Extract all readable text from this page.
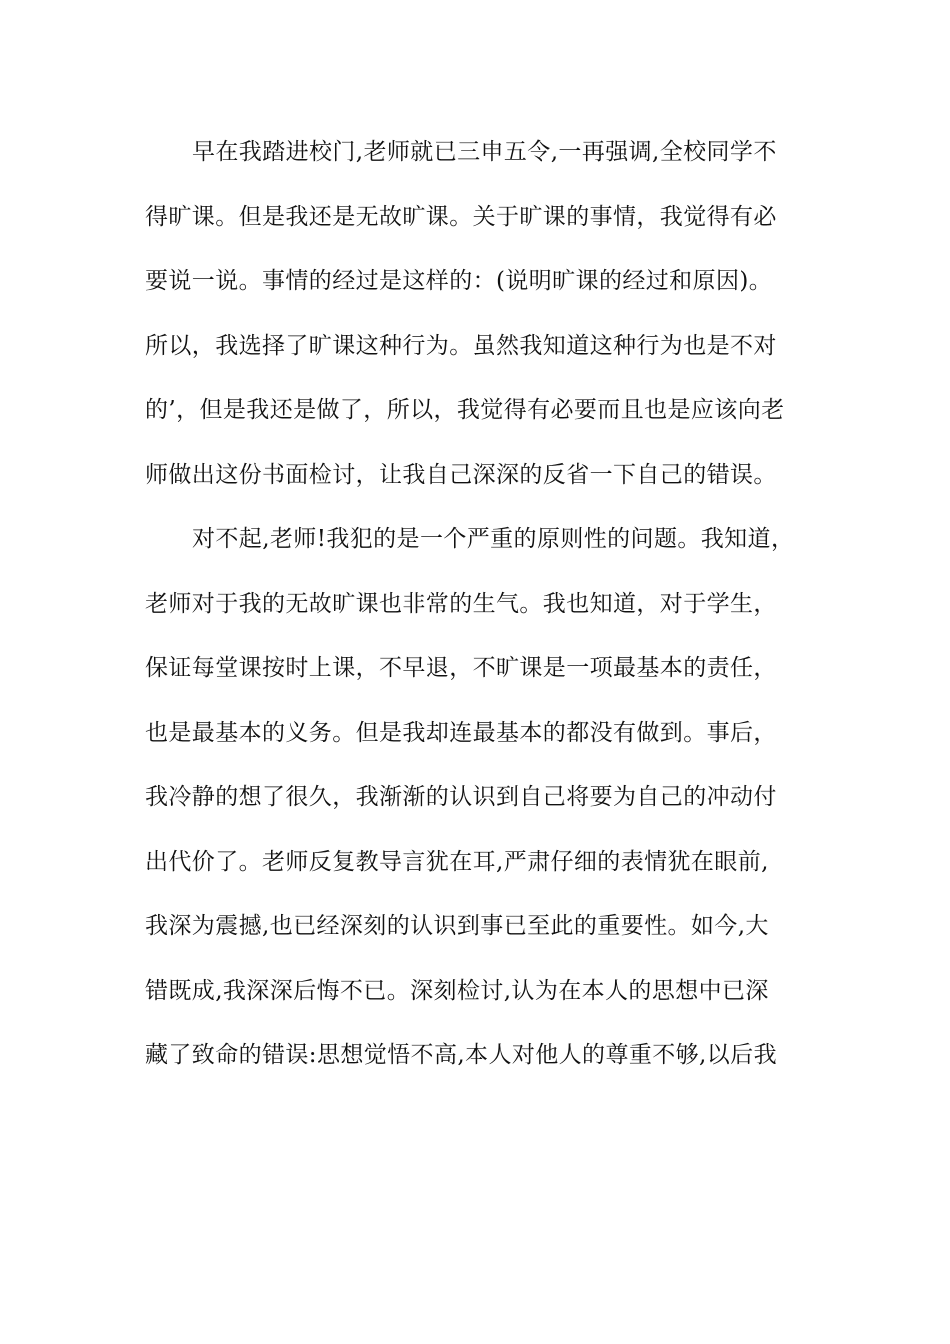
早在我踏进校门,老师就已三申五令,一再强调,全校同学不
得旷课。但是我还是无故旷课。关于旷课的事情，我觉得有必
要说一说。事情的经过是这样的：(说明旷课的经过和原因)。
所以，我选择了旷课这种行为。虽然我知道这种行为也是不对
的’，但是我还是做了，所以，我觉得有必要而且也是应该向老
师做出这份书面检讨，让我自己深深的反省一下自己的错误。
对不起,老师!我犯的是一个严重的原则性的问题。我知道，
老师对于我的无故旷课也非常的生气。我也知道，对于学生，
保证每堂课按时上课，不早退，不旷课是一项最基本的责任，
也是最基本的义务。但是我却连最基本的都没有做到。事后，
我冷静的想了很久，我渐渐的认识到自己将要为自己的冲动付
出代价了。老师反复教导言犹在耳,严肃仔细的表情犹在眼前,
我深为震撼,也已经深刻的认识到事已至此的重要性。如今,大
错既成,我深深后悔不已。深刻检讨,认为在本人的思想中已深
藏了致命的错误:思想觉悟不高,本人对他人的尊重不够,以后我
